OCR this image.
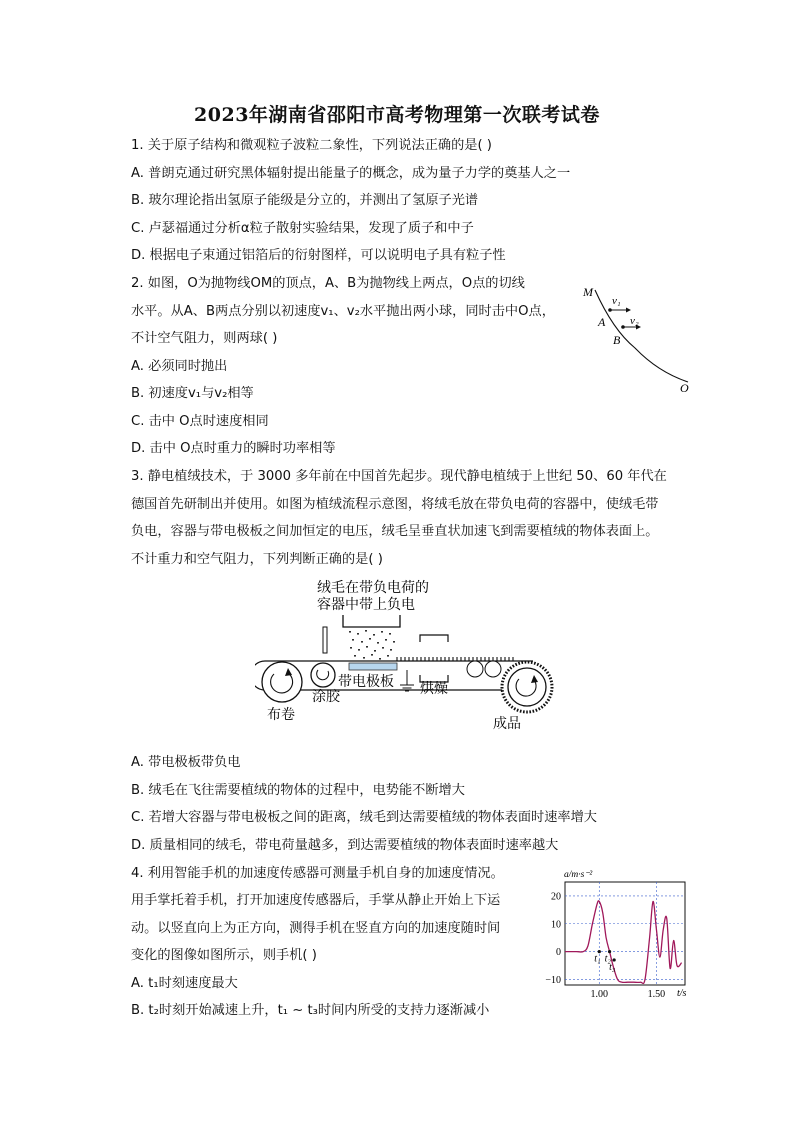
2023年湖南省邵阳市高考物理第一次联考试卷
1. 关于原子结构和微观粒子波粒二象性，下列说法正确的是( )
A. 普朗克通过研究黑体辐射提出能量子的概念，成为量子力学的奠基人之一
B. 玻尔理论指出氢原子能级是分立的，并测出了氢原子光谱
C. 卢瑟福通过分析α粒子散射实验结果，发现了质子和中子
D. 根据电子束通过铝箔后的衍射图样，可以说明电子具有粒子性
2. 如图，O为抛物线OM的顶点，A、B为抛物线上两点，O点的切线
水平。从A、B两点分别以初速度v₁、v₂水平抛出两小球，同时击中O点，
不计空气阻力，则两球( )
A. 必须同时抛出
B. 初速度v₁与v₂相等
C. 击中 O点时速度相同
D. 击中 O点时重力的瞬时功率相等
M
v₁
A v₂
B
O
3. 静电植绒技术，于 3000 多年前在中国首先起步。现代静电植绒于上世纪 50、60 年代在
德国首先研制出并使用。如图为植绒流程示意图，将绒毛放在带负电荷的容器中，使绒毛带
负电，容器与带电极板之间加恒定的电压，绒毛呈垂直状加速飞到需要植绒的物体表面上。
不计重力和空气阻力，下列判断正确的是( )
绒毛在带负电荷的
容器中带上负电
布卷
涂胶
带电极板 烘燥
成品
A. 带电极板带负电
B. 绒毛在飞往需要植绒的物体的过程中，电势能不断增大
C. 若增大容器与带电极板之间的距离，绒毛到达需要植绒的物体表面时速率增大
D. 质量相同的绒毛，带电荷量越多，到达需要植绒的物体表面时速率越大
4. 利用智能手机的加速度传感器可测量手机自身的加速度情况。
用手掌托着手机，打开加速度传感器后，手掌从静止开始上下运
动。以竖直向上为正方向，测得手机在竖直方向的加速度随时间
变化的图像如图所示，则手机( )
A. t₁时刻速度最大
B. t₂时刻开始减速上升，t₁ ~ t₃时间内所受的支持力逐渐减小
20
10
0
−10
1.00	1.50
t₁ t₂
t₃
a/m·s⁻²
t/s
